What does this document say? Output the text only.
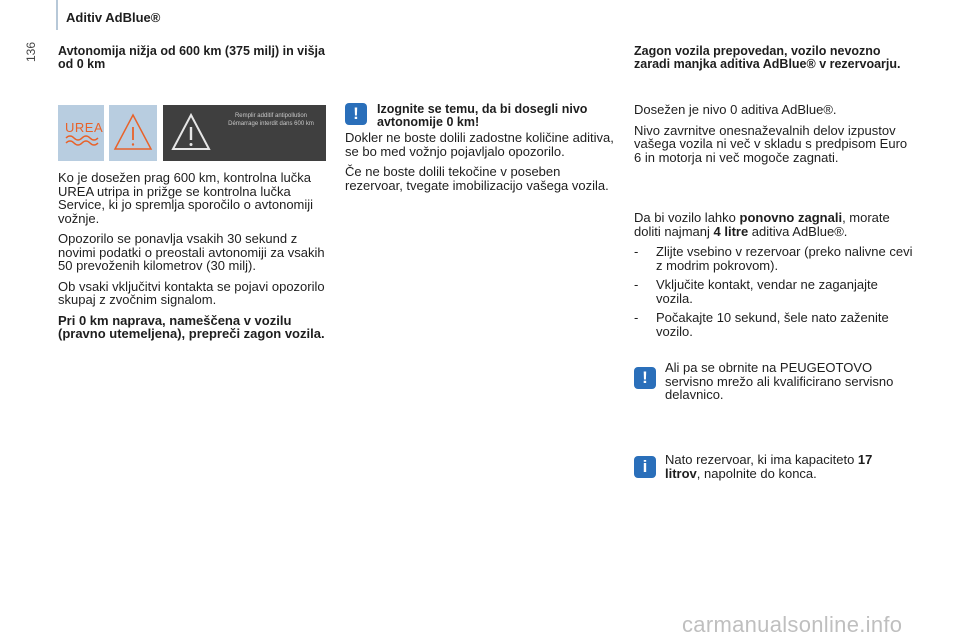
Aditiv AdBlue®
136 Avtonomija nižja od 600 km (375 milj) in višja od 0 km
UREA
Remplir additif antipollution Démarrage interdit dans 600 km

Ko je dosežen prag 600 km, kontrolna lučka UREA utripa in prižge se kontrolna lučka Service, ki jo spremlja sporočilo o avtonomiji vožnje.

Opozorilo se ponavlja vsakih 30 sekund z novimi podatki o preostali avtonomiji za vsakih 50 prevoženih kilometrov (30 milj).

Ob vsaki vključitvi kontakta se pojavi opozorilo skupaj z zvočnim signalom.

Pri 0 km naprava, nameščena v vozilu (pravno utemeljena), prepreči zagon vozila.

!	Izognite se temu, da bi dosegli nivo avtonomije 0 km!

Dokler ne boste dolili zadostne količine aditiva, se bo med vožnjo pojavljalo opozorilo.

Če ne boste dolili tekočine v poseben rezervoar, tvegate imobilizacijo vašega vozila.

Zagon vozila prepovedan, vozilo nevozno zaradi manjka aditiva AdBlue® v rezervoarju.

Dosežen je nivo 0 aditiva AdBlue®.

Nivo zavrnitve onesnaževalnih delov izpustov vašega vozila ni več v skladu s predpisom Euro 6 in motorja ni več mogoče zagnati.

Da bi vozilo lahko ponovno zagnali, morate doliti najmanj 4 litre aditiva AdBlue®.

- Zlijte vsebino v rezervoar (preko nalivne cevi z modrim pokrovom).
- Vključite kontakt, vendar ne zaganjajte vozila.
- Počakajte 10 sekund, šele nato zaženite vozilo.
!
Ali pa se obrnite na PEUGEOTOVO servisno mrežo ali kvalificirano servisno delavnico.
i	Nato rezervoar, ki ima kapaciteto 17 litrov, napolnite do konca.
carmanualsonline.info
